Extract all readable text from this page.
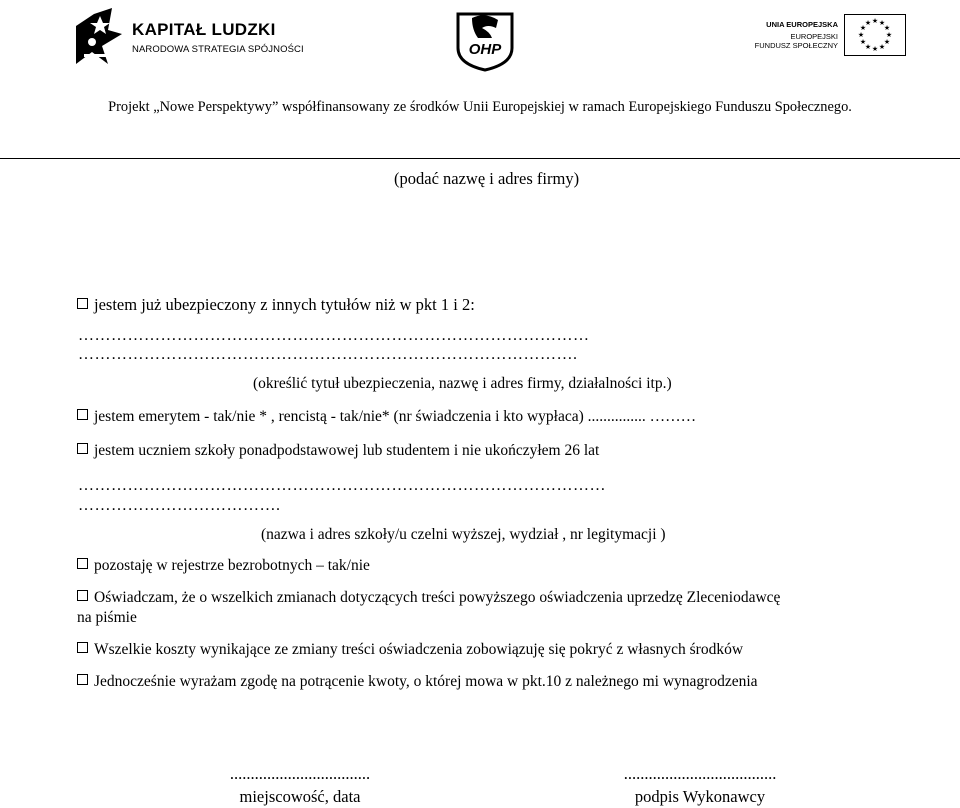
KAPITAŁ LUDZKI
NARODOWA STRATEGIA SPÓJNOŚCI	OHP
UNIA EUROPEJSKA
EUROPEJSKI
FUNDUSZ SPOŁECZNY
★ ★
★
★
★
★
★
★
★
★
★
★
Projekt „Nowe Perspektywy” współfinansowany ze środków Unii Europejskiej w ramach Europejskiego Funduszu Społecznego.
(podać nazwę i adres firmy)
jestem już ubezpieczony z innych tytułów niż w pkt 1 i 2:
…………………………………………………………………………………
……………………………………………………………………………….
(określić tytuł ubezpieczenia, nazwę i adres firmy, działalności itp.)
jestem emerytem - tak/nie * , rencistą - tak/nie* (nr świadczenia i kto wypłaca) ............... ………
jestem uczniem szkoły ponadpodstawowej lub studentem i nie ukończyłem 26 lat
……………………………………………………………………………………
……………………………….
(nazwa i adres szkoły/u czelni wyższej, wydział , nr legitymacji )
pozostaję w rejestrze bezrobotnych – tak/nie
Oświadczam, że o wszelkich zmianach dotyczących treści powyższego oświadczenia uprzedzę Zleceniodawcę
na piśmie
Wszelkie koszty wynikające ze zmiany treści oświadczenia zobowiązuję się pokryć z własnych środków
Jednocześnie wyrażam zgodę na potrącenie kwoty, o której mowa w pkt.10 z należnego mi wynagrodzenia
..................................
miejscowość, data
.....................................
podpis Wykonawcy
